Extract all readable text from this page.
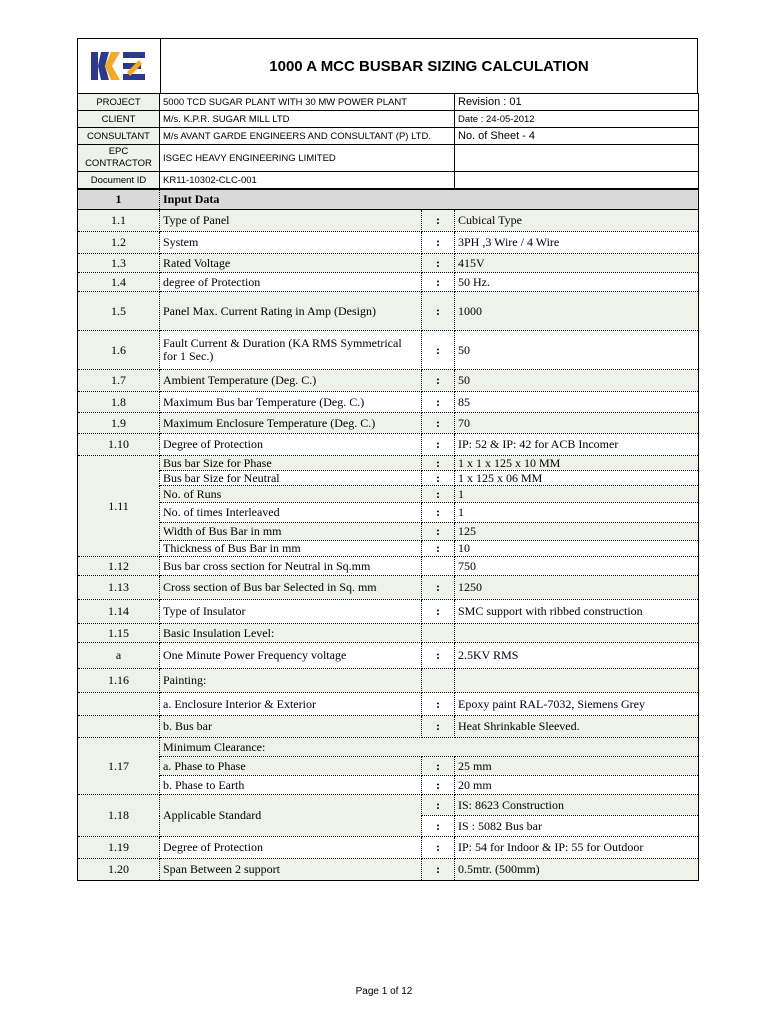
1000 A MCC BUSBAR SIZING CALCULATION
PROJECT	5000 TCD SUGAR PLANT WITH 30 MW POWER PLANT	Revision : 01
CLIENT	M/s. K.P.R. SUGAR MILL LTD	Date : 24-05-2012
CONSULTANT	M/s AVANT GARDE ENGINEERS AND CONSULTANT (P) LTD.	No. of Sheet - 4
EPC CONTRACTOR	ISGEC HEAVY ENGINEERING LIMITED	
Document ID	KR11-10302-CLC-001	
1	Input Data		
1.1	Type of Panel	:	Cubical Type
1.2	System	:	3PH ,3 Wire / 4 Wire
1.3	Rated Voltage	:	415V
1.4	degree of Protection	:	50 Hz.
1.5	Panel Max. Current Rating in Amp (Design)	:	1000
1.6	Fault Current & Duration (KA RMS Symmetrical for 1 Sec.)	:	50
1.7	Ambient Temperature (Deg. C.)	:	50
1.8	Maximum Bus bar Temperature (Deg. C.)	:	85
1.9	Maximum Enclosure Temperature (Deg. C.)	:	70
1.10	Degree of Protection	:	IP: 52 & IP: 42 for ACB Incomer
1.11	Bus bar Size for Phase	:	1 x 1 x 125 x 10 MM
	Bus bar Size for Neutral	:	1 x 125 x 06 MM
	No. of Runs	:	1
	No. of times Interleaved	:	1
	Width of Bus Bar in mm	:	125
	Thickness of Bus Bar in mm	:	10
1.12	Bus bar cross section for Neutral in Sq.mm		750
1.13	Cross section of Bus bar Selected in Sq. mm	:	1250
1.14	Type of Insulator	:	SMC support with ribbed construction
1.15	Basic Insulation Level:		
a	One Minute Power Frequency voltage	:	2.5KV RMS
1.16	Painting:		
	a. Enclosure Interior & Exterior	:	Epoxy paint RAL-7032, Siemens Grey
	b. Bus bar	:	Heat Shrinkable Sleeved.
1.17	Minimum Clearance:		
	a. Phase to Phase	:	25 mm
	b. Phase to Earth	:	20 mm
1.18	Applicable Standard	:	IS: 8623 Construction
		:	IS : 5082 Bus bar
1.19	Degree of Protection	:	IP: 54 for Indoor & IP: 55 for Outdoor
1.20	Span Between 2 support	:	0.5mtr. (500mm)
Page 1 of 12
